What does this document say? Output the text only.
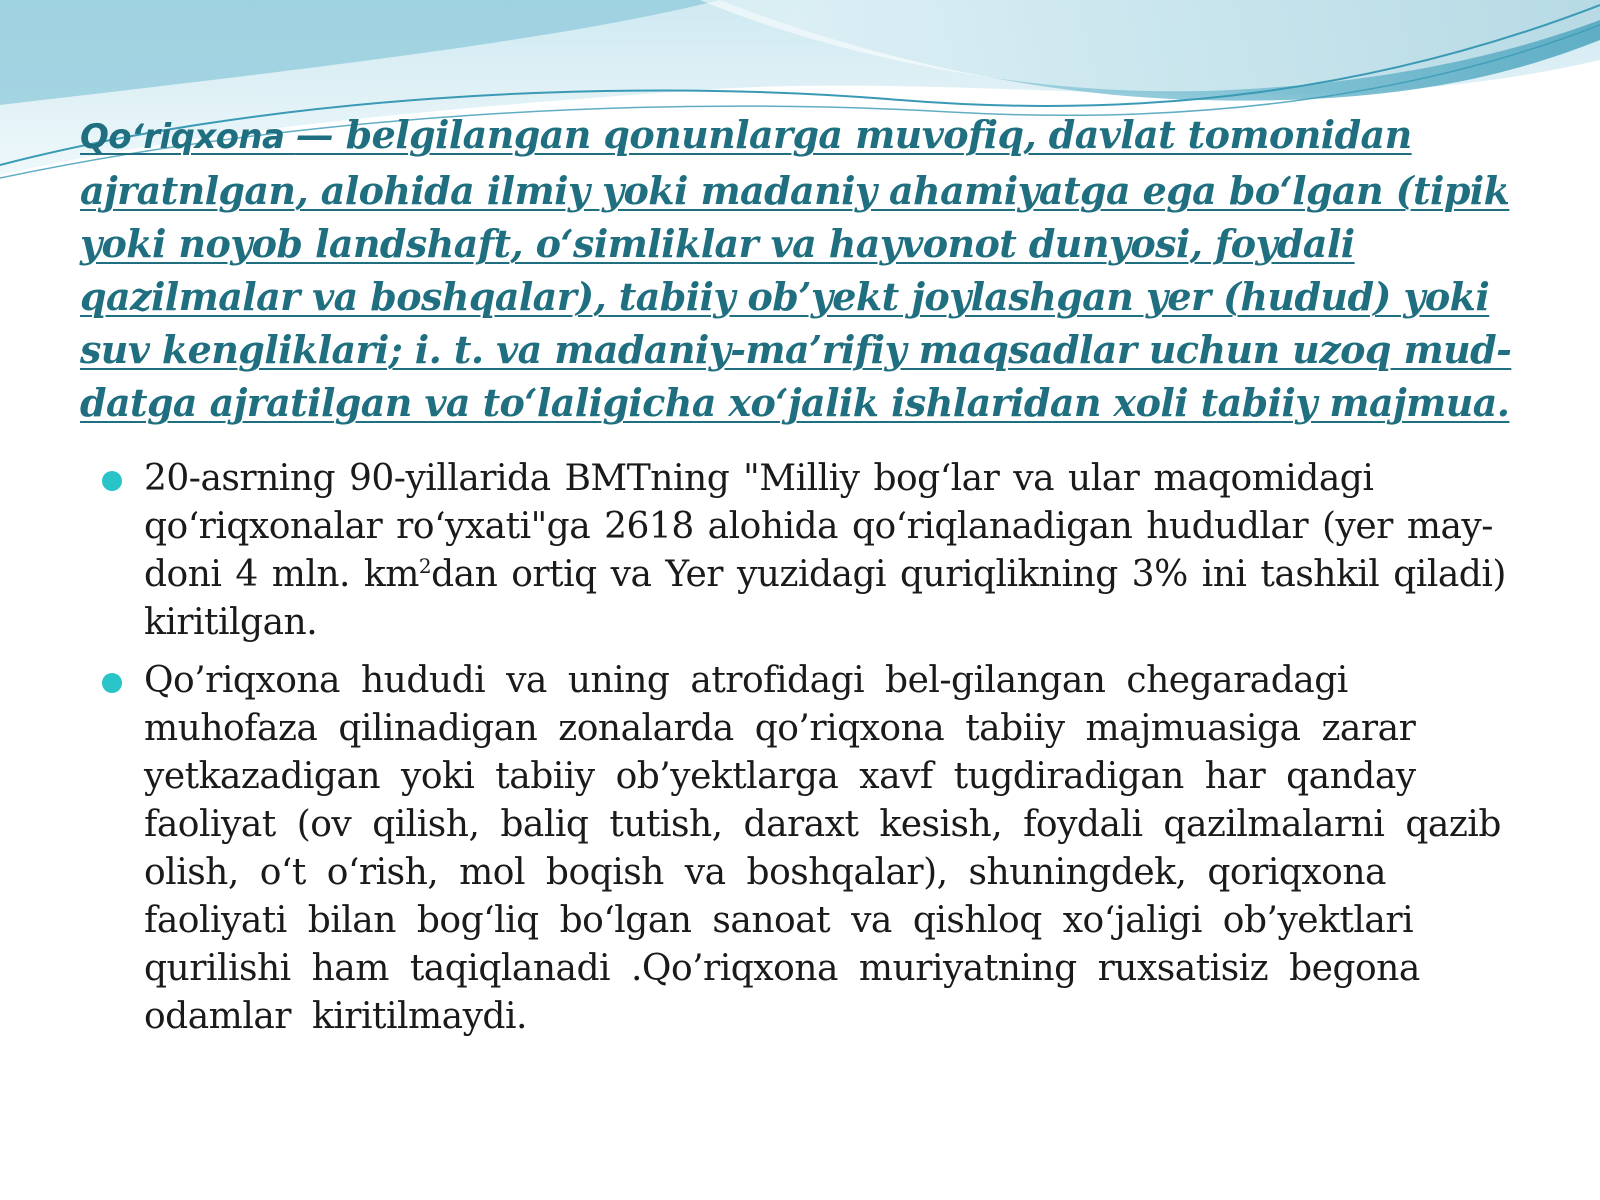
Qo‘riqxona — belgilangan qonunlarga muvofiq, davlat tomonidan ajratnlgan, alohida ilmiy yoki madaniy ahamiyatga ega bo‘lgan (tipik yoki noyob landshaft, o‘simliklar va hayvonot dunyosi, foydali qazilmalar va boshqalar), tabiiy ob’yekt joylashgan yer (hudud) yoki suv kengliklari; i. t. va madaniy-ma’rifiy maqsadlar uchun uzoq mud-datga ajratilgan va to‘laligicha xo‘jalik ishlaridan xoli tabiiy majmua.

20-asrning 90-yillarida BMTning "Milliy bog‘lar va ular maqomidagi qo‘riqxonalar ro‘yxati"ga 2618 alohida qo‘riqlanadigan hududlar (yer may-doni 4 mln. $km^2dan$ ortiq va Yer yuzidagi quriqlikning 3% ini tashkil qiladi) kiritilgan.
Qo’riqxona hududi va uning atrofidagi bel-gilangan chegaradagi muhofaza qilinadigan zonalarda qo’riqxona tabiiy majmuasiga zarar yetkazadigan yoki tabiiy ob’yektlarga xavf tugdiradigan har qanday faoliyat (ov qilish, baliq tutish, daraxt kesish, foydali qazilmalarni qazib olish, o‘t o‘rish, mol boqish va boshqalar), shuningdek, qoriqxona faoliyati bilan bog‘liq bo‘lgan sanoat va qishloq xo‘jaligi ob’yektlari qurilishi ham taqiqlanadi .Qo’riqxona muriyatning ruxsatisiz begona odamlar kiritilmaydi.
